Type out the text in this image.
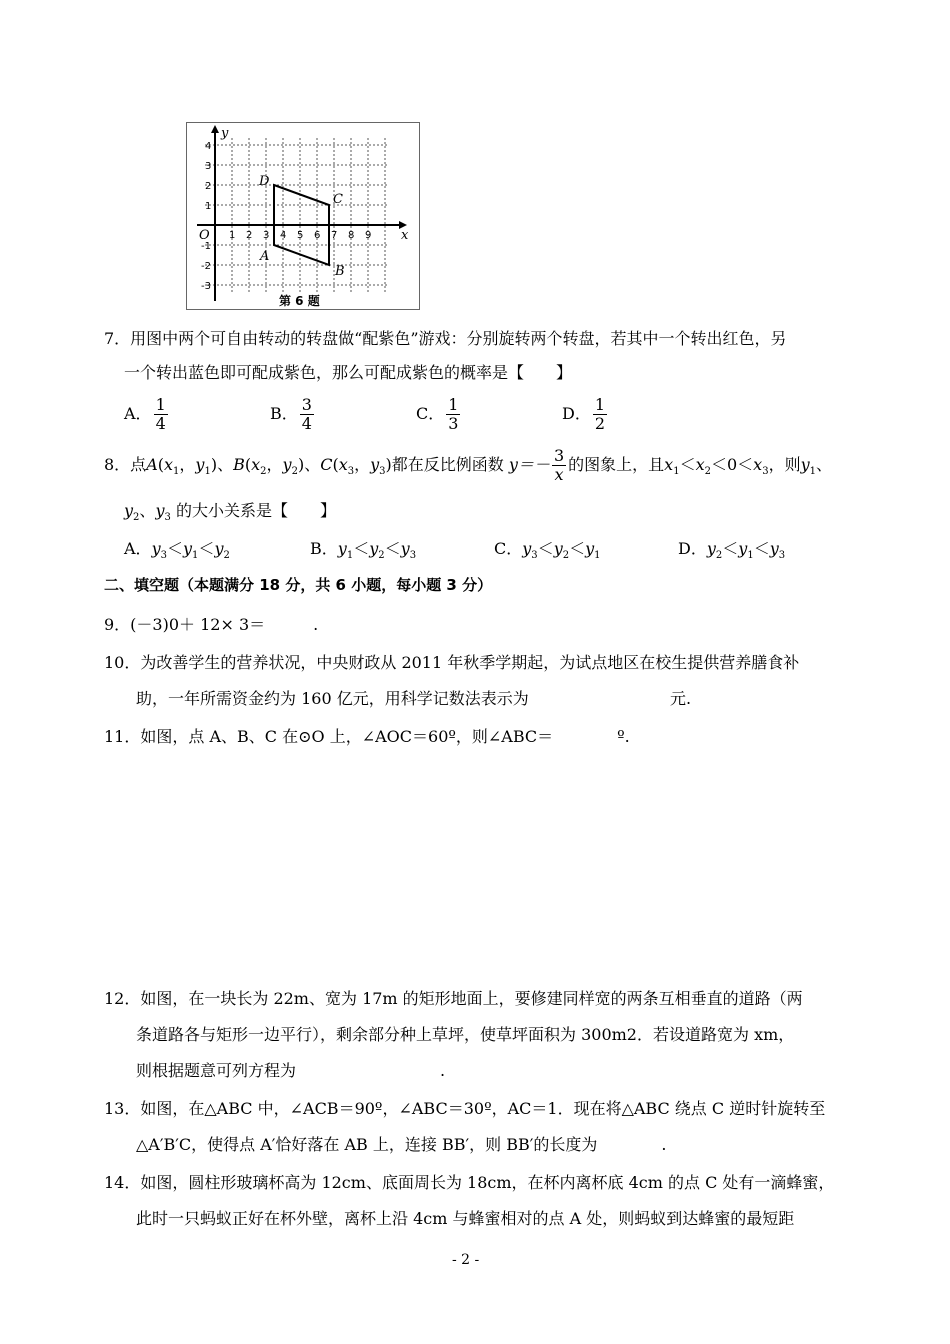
x
y
O
A
B
C
D
1 2 3 4 5 6 7 8 9
4
3
2
1
-1
-2
-3
第 6 题
7．用图中两个可自由转动的转盘做“配紫色”游戏：分别旋转两个转盘，若其中一个转出红色，另
一个转出蓝色即可配成紫色，那么可配成紫色的概率是【　　】
A． $\frac{1}{4}$	B． $\frac{3}{4}$	C． $\frac{1}{3}$	D． $\frac{1}{2}$
8．点$A(x_1$，$y_1$)、$B(x_2$，$y_2$)、$C(x_3$，$y_3$)都在反比例函数 $y=- \frac{3}{x}$ 的图象上，且$x_1<x_2<0<x_3$，则$y_1$、
$y_2$、$y_3$ 的大小关系是【　　】
A．$y_3<y_1<y_2$	B．$y_1<y_2<y_3$	C．$y_3<y_2<y_1$	D．$y_2<y_1<y_3$
二、填空题（本题满分 18 分，共 6 小题，每小题 3 分）
9．(－3)0＋ 12× 3＝　　　.
10．为改善学生的营养状况，中央财政从 2011 年秋季学期起，为试点地区在校生提供营养膳食补
助，一年所需资金约为 160 亿元，用科学记数法表示为	元.
11．如图，点 A、B、C 在⊙O 上，∠AOC＝60º，则∠ABC＝　　　　º.
12．如图，在一块长为 22m、宽为 17m 的矩形地面上，要修建同样宽的两条互相垂直的道路（两
条道路各与矩形一边平行），剩余部分种上草坪，使草坪面积为 300m2．若设道路宽为 xm，
则根据题意可列方程为　　　　　　　　　.
13．如图，在△ABC 中，∠ACB＝90º，∠ABC＝30º，AC＝1．现在将△ABC 绕点 C 逆时针旋转至
△A′B′C，使得点 A′恰好落在 AB 上，连接 BB′，则 BB′的长度为　　　　.
14．如图，圆柱形玻璃杯高为 12cm、底面周长为 18cm，在杯内离杯底 4cm 的点 C 处有一滴蜂蜜，
此时一只蚂蚁正好在杯外壁，离杯上沿 4cm 与蜂蜜相对的点 A 处，则蚂蚁到达蜂蜜的最短距
- 2 -
